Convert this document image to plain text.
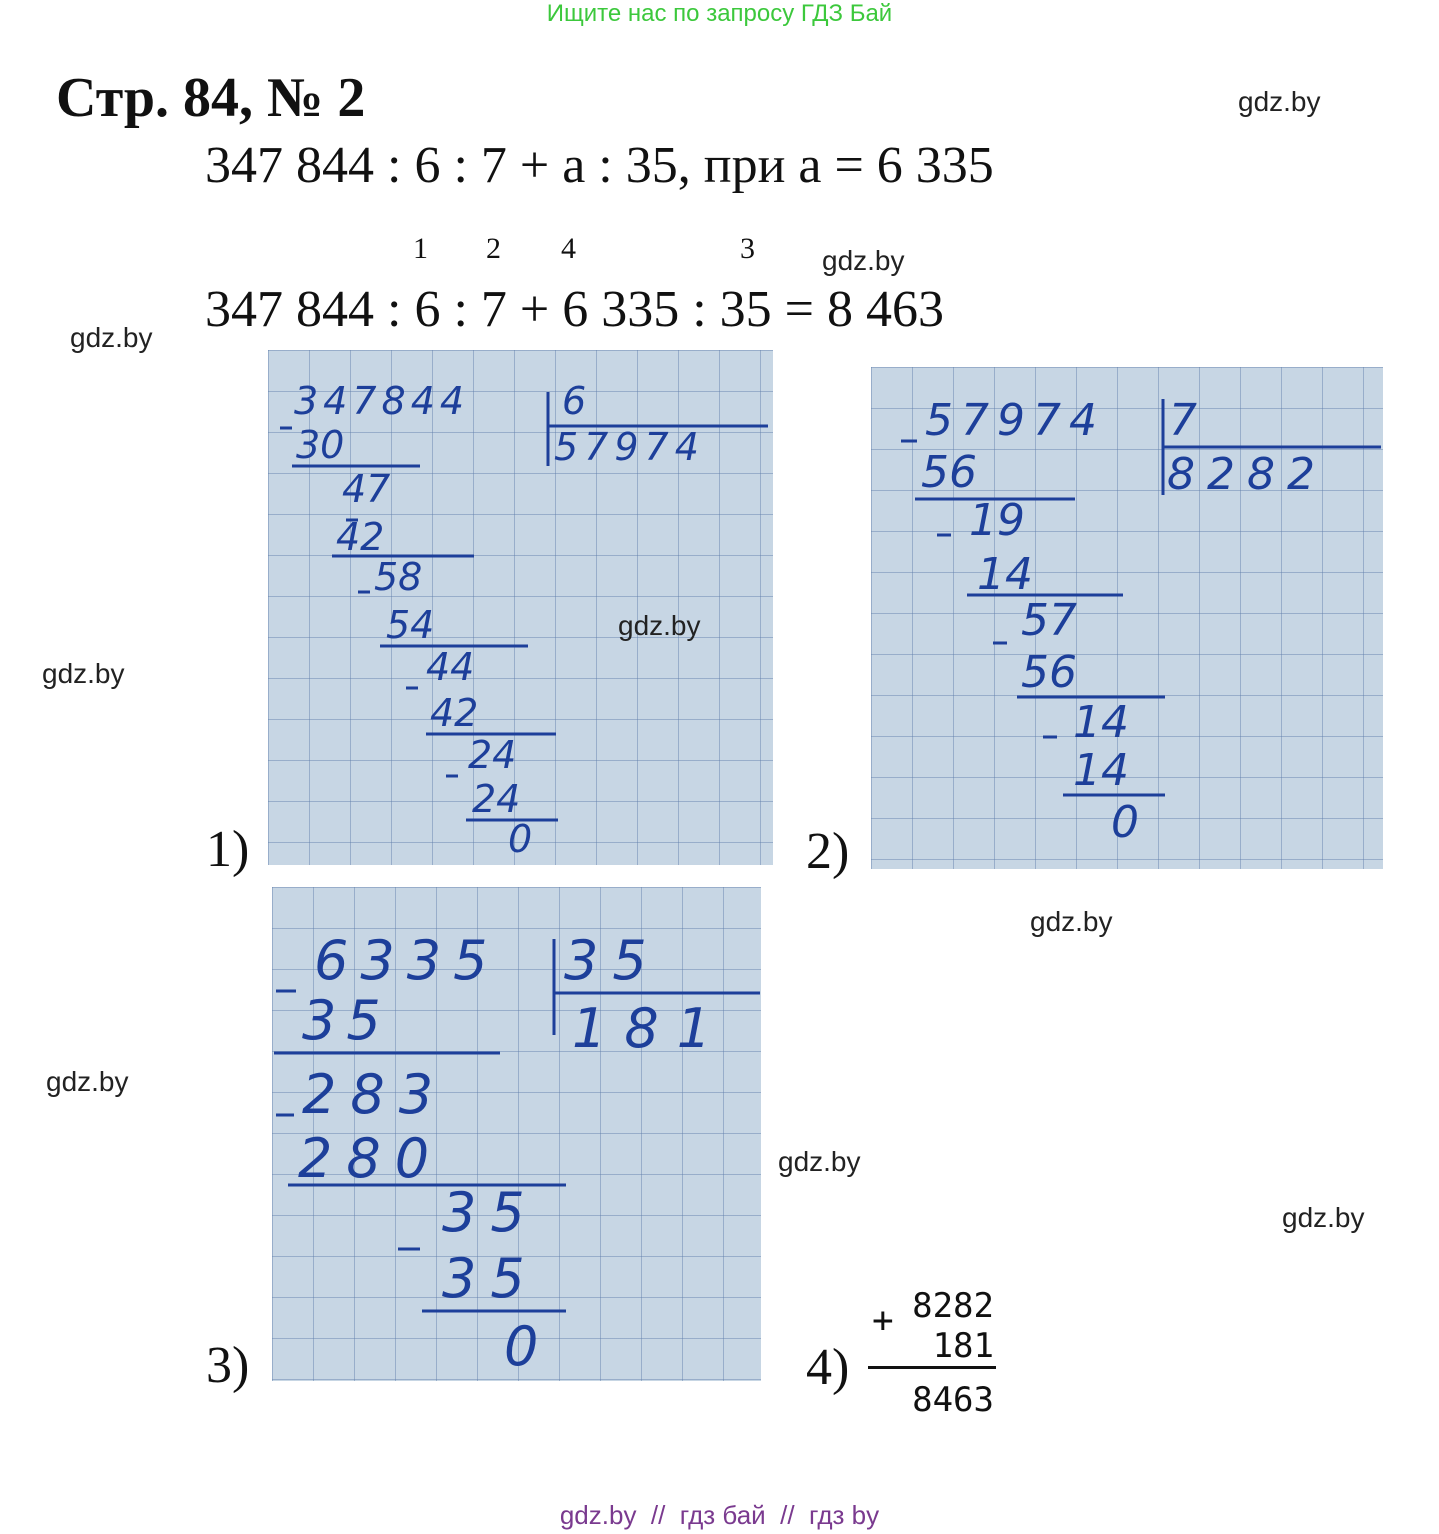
Ищите нас по запросу ГДЗ Бай
Стр. 84, № 2	gdz.by
347 844 : 6 : 7 + а : 35, при а = 6 335
1 2 4	3 gdz.by
347 844 : 6 : 7 + 6 335 : 35 = 8 463
gdz.by
347844 6
57974
30
47
42
58
54
44
42
24
24
0
1)
gdz.by
gdz.by
57974 7
8282
56
19
14
57
56
14
14
0
2)
gdz.by
6335 35
181
35
283
280
35
35
0
3)
gdz.by
gdz.by
gdz.by
4)
+ 8282
181
8463
gdz.by  //  гдз бай  //  гдз by
